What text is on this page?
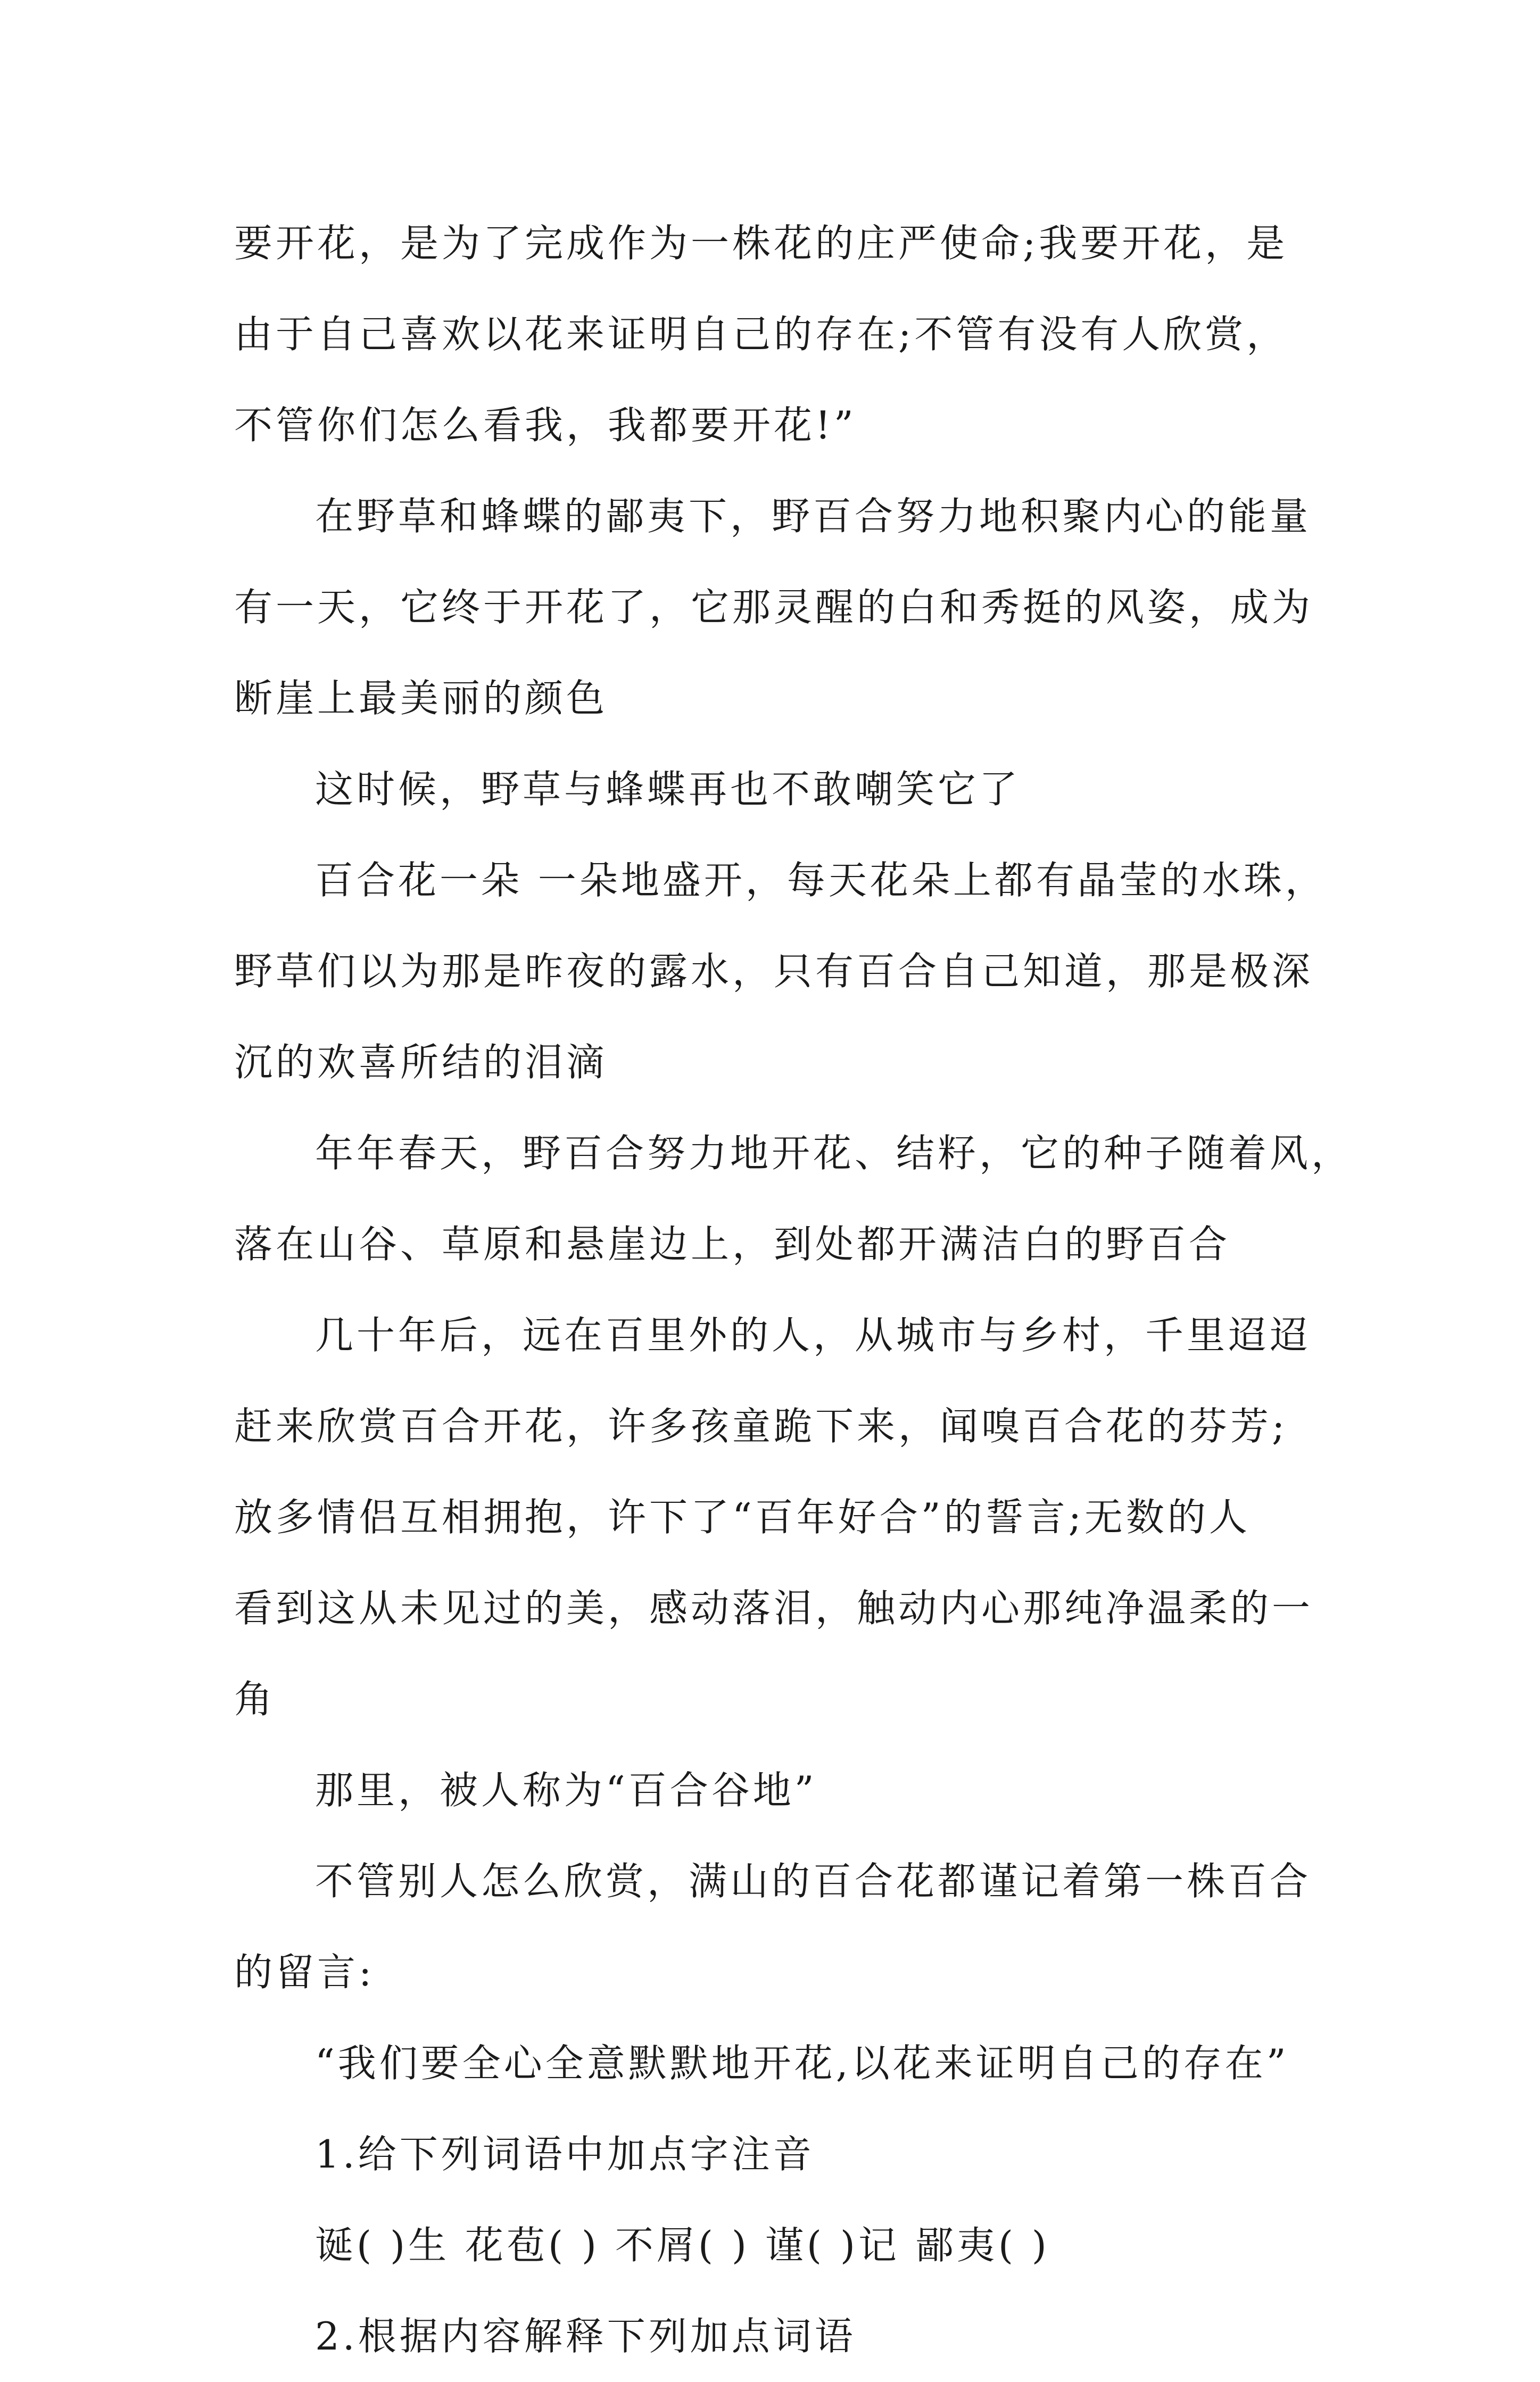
要开花，是为了完成作为一株花的庄严使命;我要开花，是
由于自己喜欢以花来证明自己的存在;不管有没有人欣赏，
不管你们怎么看我，我都要开花!”
在野草和蜂蝶的鄙夷下，野百合努力地积聚内心的能量
有一天，它终于开花了，它那灵醒的白和秀挺的风姿，成为
断崖上最美丽的颜色
这时候，野草与蜂蝶再也不敢嘲笑它了
百合花一朵 一朵地盛开，每天花朵上都有晶莹的水珠，
野草们以为那是昨夜的露水，只有百合自己知道，那是极深
沉的欢喜所结的泪滴
年年春天，野百合努力地开花、结籽，它的种子随着风，
落在山谷、草原和悬崖边上，到处都开满洁白的野百合
几十年后，远在百里外的人，从城市与乡村，千里迢迢
赶来欣赏百合开花，许多孩童跪下来，闻嗅百合花的芬芳;
放多情侣互相拥抱，许下了“百年好合”的誓言;无数的人
看到这从未见过的美，感动落泪，触动内心那纯净温柔的一
角
那里，被人称为“百合谷地”
不管别人怎么欣赏，满山的百合花都谨记着第一株百合
的留言:
“我们要全心全意默默地开花,以花来证明自己的存在”
1.给下列词语中加点字注音
诞( )生 花苞( ) 不屑( ) 谨( )记 鄙夷( )
2.根据内容解释下列加点词语
